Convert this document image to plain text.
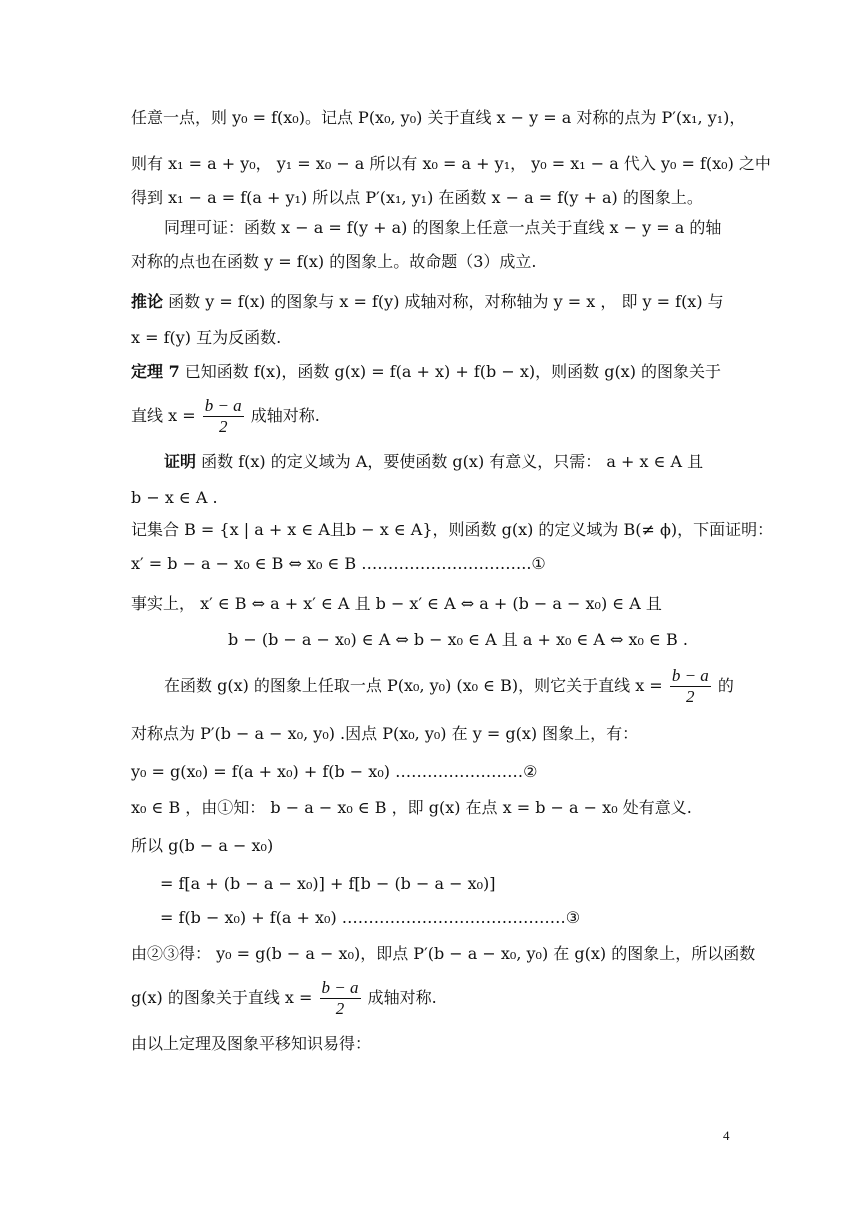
任意一点，则 y₀ = f(x₀)。记点 P(x₀, y₀) 关于直线 x − y = a 对称的点为 P′(x₁, y₁)，
则有 x₁ = a + y₀， y₁ = x₀ − a 所以有 x₀ = a + y₁， y₀ = x₁ − a 代入 y₀ = f(x₀) 之中
得到 x₁ − a = f(a + y₁) 所以点 P′(x₁, y₁) 在函数 x − a = f(y + a) 的图象上。
同理可证：函数 x − a = f(y + a) 的图象上任意一点关于直线 x − y = a 的轴
对称的点也在函数 y = f(x) 的图象上。故命题（3）成立.
推论 函数 y = f(x) 的图象与 x = f(y) 成轴对称，对称轴为 y = x ， 即 y = f(x) 与
x = f(y) 互为反函数.
定理 7 已知函数 f(x)，函数 g(x) = f(a + x) + f(b − x)，则函数 g(x) 的图象关于
直线 $x = \frac{b - a}{2}$ 成轴对称.
证明 函数 f(x) 的定义域为 A，要使函数 g(x) 有意义，只需： a + x ∈ A 且
b − x ∈ A .
记集合 B = {x | a + x ∈ A且b − x ∈ A}，则函数 g(x) 的定义域为 B(≠ ϕ)，下面证明：
x′ = b − a − x₀ ∈ B ⇔ x₀ ∈ B …………………………..①
事实上， x′ ∈ B ⇔ a + x′ ∈ A 且 b − x′ ∈ A ⇔ a + (b − a − x₀) ∈ A 且
b − (b − a − x₀) ∈ A ⇔ b − x₀ ∈ A 且 a + x₀ ∈ A ⇔ x₀ ∈ B .
在函数 g(x) 的图象上任取一点 P(x₀, y₀) (x₀ ∈ B)，则它关于直线 $x = \frac{b - a}{2}$ 的
对称点为 P′(b − a − x₀, y₀) .因点 P(x₀, y₀) 在 y = g(x) 图象上，有：
y₀ = g(x₀) = f(a + x₀) + f(b − x₀) ……………………②
x₀ ∈ B ，由①知： b − a − x₀ ∈ B ，即 g(x) 在点 x = b − a − x₀ 处有意义.
所以 g(b − a − x₀)
= f[a + (b − a − x₀)] + f[b − (b − a − x₀)]
= f(b − x₀) + f(a + x₀) ……………………………………③
由②③得： y₀ = g(b − a − x₀)，即点 P′(b − a − x₀, y₀) 在 g(x) 的图象上，所以函数
g(x) 的图象关于直线 $x = \frac{b - a}{2}$ 成轴对称.
由以上定理及图象平移知识易得：
4
